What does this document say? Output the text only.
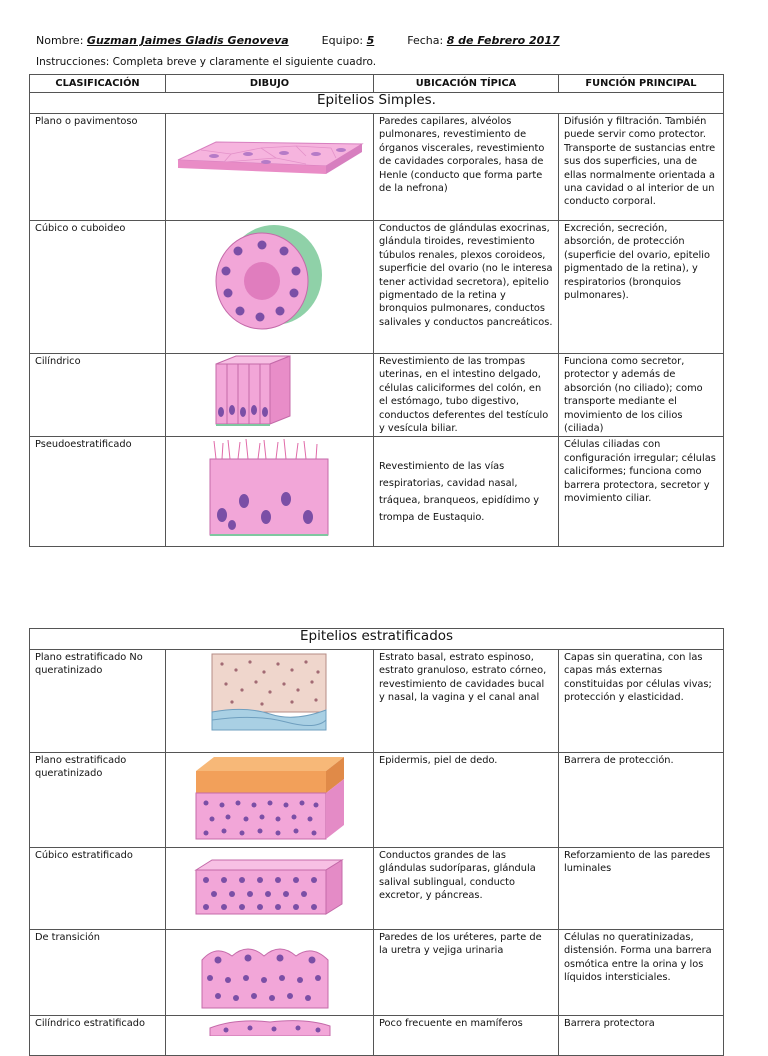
Nombre: Guzman Jaimes Gladis Genoveva	Equipo: 5	Fecha: 8 de Febrero 2017
Instrucciones: Completa breve y claramente el siguiente cuadro.
CLASIFICACIÓN	DIBUJO	UBICACIÓN TÍPICA	FUNCIÓN PRINCIPAL
Epitelios Simples.			
Plano o pavimentoso		Paredes capilares, alvéolos pulmonares, revestimiento de órganos viscerales, revestimiento de cavidades corporales, hasa de Henle (conducto que forma parte de la nefrona)	Difusión y filtración. También puede servir como protector. Transporte de sustancias entre sus dos superficies, una de ellas normalmente orientada a una cavidad o al interior de un conducto corporal.
Cúbico o cuboideo		Conductos de glándulas exocrinas, glándula tiroides, revestimiento túbulos renales, plexos coroideos, superficie del ovario (no le interesa tener actividad secretora), epitelio pigmentado de la retina y bronquios pulmonares, conductos salivales y conductos pancreáticos.	Excreción, secreción, absorción, de protección (superficie del ovario, epitelio pigmentado de la retina), y respiratorios (bronquios pulmonares).
Cilíndrico		Revestimiento de las trompas uterinas, en el intestino delgado, células caliciformes del colón, en el estómago, tubo digestivo, conductos deferentes del testículo y vesícula biliar.	Funciona como secretor, protector y además de absorción (no ciliado); como transporte mediante el movimiento de los cilios (ciliada)
Pseudoestratificado		Revestimiento de las vías respiratorias, cavidad nasal, tráquea, branqueos, epidídimo y trompa de Eustaquio.	Células ciliadas con configuración irregular; células caliciformes; funciona como barrera protectora, secretor y movimiento ciliar.
Epitelios estratificados			
Plano estratificado No queratinizado		Estrato basal, estrato espinoso, estrato granuloso, estrato córneo, revestimiento de cavidades bucal y nasal, la vagina y el canal anal	Capas sin queratina, con las capas más externas constituidas por células vivas; protección y elasticidad.
Plano estratificado queratinizado		Epidermis, piel de dedo.	Barrera de protección.
Cúbico estratificado		Conductos grandes de las glándulas sudoríparas, glándula salival sublingual, conducto excretor, y páncreas.	Reforzamiento de las paredes luminales
De transición		Paredes de los uréteres, parte de la uretra y vejiga urinaria	Células no queratinizadas, distensión. Forma una barrera osmótica entre la orina y los líquidos intersticiales.
Cilíndrico estratificado		Poco frecuente en mamíferos	Barrera protectora
